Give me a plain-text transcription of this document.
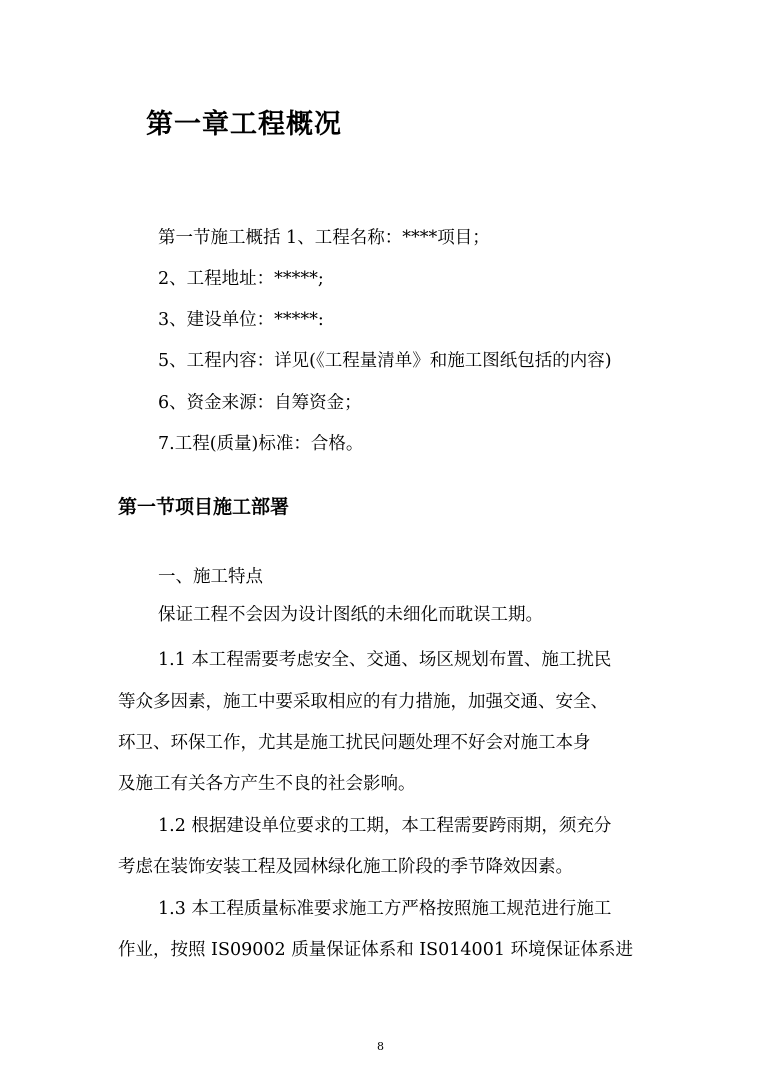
第一章工程概况
第一节施工概括 1、工程名称：****项目；
2、工程地址：*****;
3、建设单位：*****:
5、工程内容：详见(《工程量清单》和施工图纸包括的内容)
6、资金来源：自筹资金；
7.工程(质量)标准：合格。
第一节项目施工部署
一、施工特点
保证工程不会因为设计图纸的未细化而耽误工期。
1.1 本工程需要考虑安全、交通、场区规划布置、施工扰民
等众多因素，施工中要采取相应的有力措施，加强交通、安全、
环卫、环保工作，尤其是施工扰民问题处理不好会对施工本身
及施工有关各方产生不良的社会影响。
1.2 根据建设单位要求的工期，本工程需要跨雨期，须充分
考虑在装饰安装工程及园林绿化施工阶段的季节降效因素。
1.3 本工程质量标准要求施工方严格按照施工规范进行施工
作业，按照 IS09002 质量保证体系和 IS014001 环境保证体系进
8
